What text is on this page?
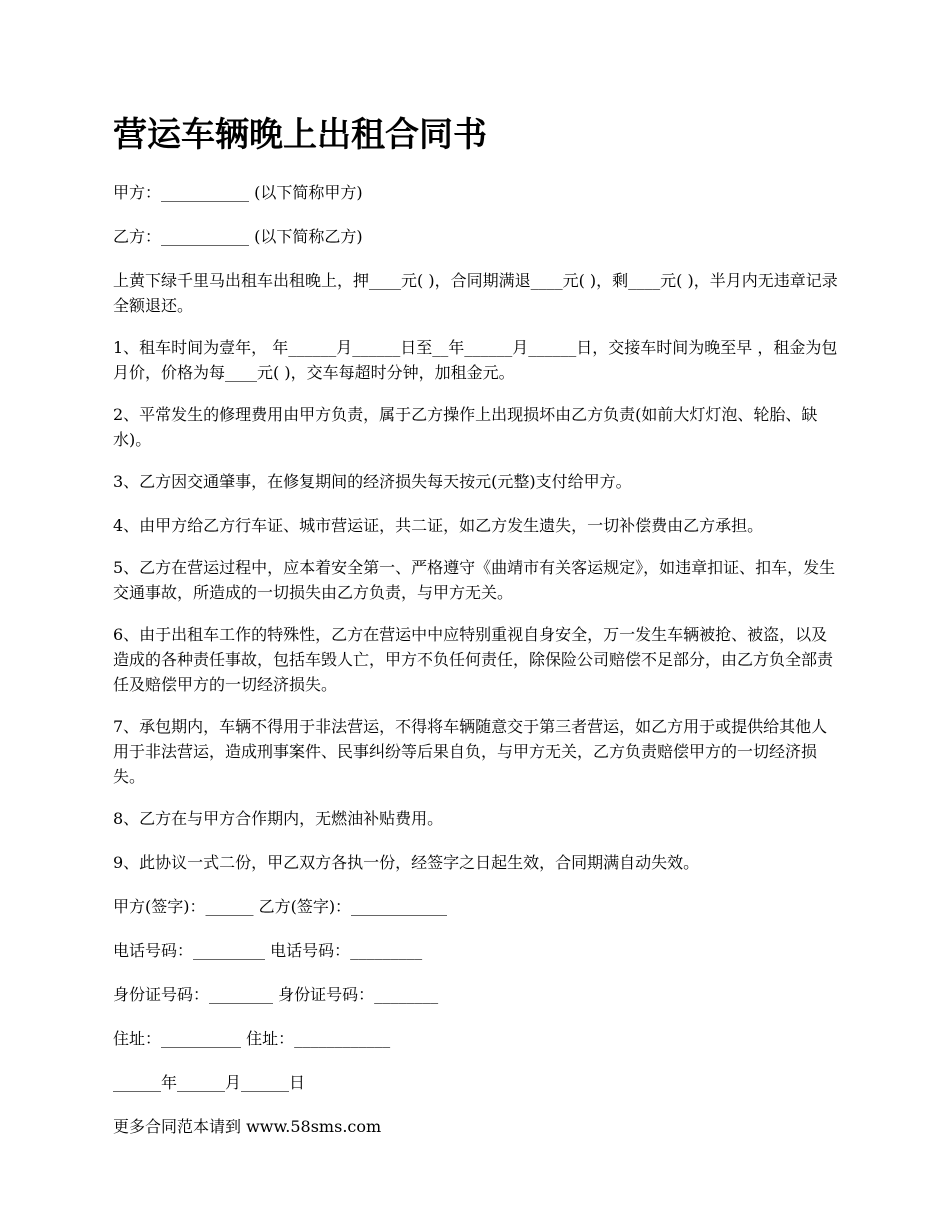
营运车辆晚上出租合同书

甲方：___________ (以下简称甲方)

乙方：___________ (以下简称乙方)

上黄下绿千里马出租车出租晚上，押____元( )，合同期满退____元( )，剩____元( )，半月内无违章记录全额退还。

1、租车时间为壹年， 年______月______日至__年______月______日，交接车时间为晚至早 ，租金为包月价，价格为每____元( )，交车每超时分钟，加租金元。

2、平常发生的修理费用由甲方负责，属于乙方操作上出现损坏由乙方负责(如前大灯灯泡、轮胎、缺水)。

3、乙方因交通肇事，在修复期间的经济损失每天按元(元整)支付给甲方。

4、由甲方给乙方行车证、城市营运证，共二证，如乙方发生遗失，一切补偿费由乙方承担。

5、乙方在营运过程中，应本着安全第一、严格遵守《曲靖市有关客运规定》，如违章扣证、扣车，发生交通事故，所造成的一切损失由乙方负责，与甲方无关。

6、由于出租车工作的特殊性，乙方在营运中中应特别重视自身安全，万一发生车辆被抢、被盗，以及造成的各种责任事故，包括车毁人亡，甲方不负任何责任，除保险公司赔偿不足部分，由乙方负全部责任及赔偿甲方的一切经济损失。

7、承包期内，车辆不得用于非法营运，不得将车辆随意交于第三者营运，如乙方用于或提供给其他人用于非法营运，造成刑事案件、民事纠纷等后果自负，与甲方无关，乙方负责赔偿甲方的一切经济损失。

8、乙方在与甲方合作期内，无燃油补贴费用。

9、此协议一式二份，甲乙双方各执一份，经签字之日起生效，合同期满自动失效。

甲方(签字)：______ 乙方(签字)：____________

电话号码：_________ 电话号码：_________

身份证号码：________ 身份证号码：________

住址：__________ 住址：____________

______年______月______日

更多合同范本请到 www.58sms.com
